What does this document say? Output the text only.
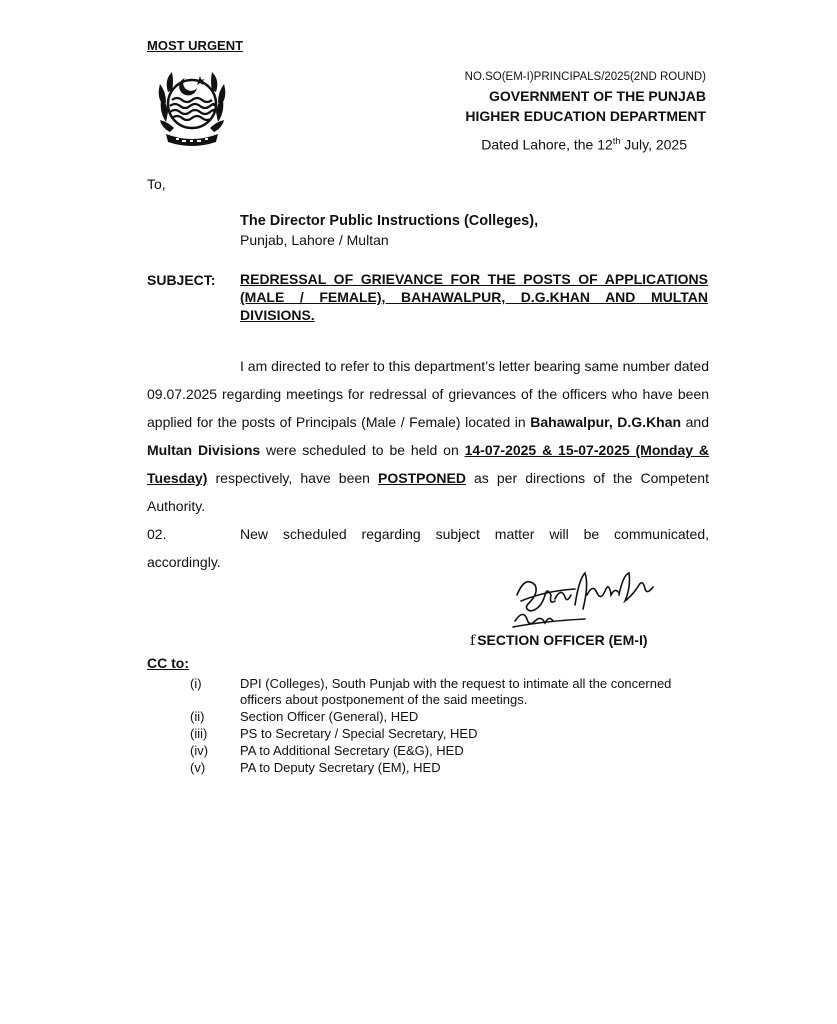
MOST URGENT
NO.SO(EM-I)PRINCIPALS/2025(2ND ROUND)
GOVERNMENT OF THE PUNJAB
HIGHER EDUCATION DEPARTMENT
Dated Lahore, the 12th July, 2025
To,
The Director Public Instructions (Colleges),
Punjab, Lahore / Multan
SUBJECT: REDRESSAL OF GRIEVANCE FOR THE POSTS OF APPLICATIONS (MALE / FEMALE), BAHAWALPUR, D.G.KHAN AND MULTAN DIVISIONS.
I am directed to refer to this department’s letter bearing same number dated 09.07.2025 regarding meetings for redressal of grievances of the officers who have been applied for the posts of Principals (Male / Female) located in Bahawalpur, D.G.Khan and Multan Divisions were scheduled to be held on 14-07-2025 & 15-07-2025 (Monday & Tuesday) respectively, have been POSTPONED as per directions of the Competent Authority.
02.	New scheduled regarding subject matter will be communicated, accordingly.
f SECTION OFFICER (EM-I)
CC to:
(i)	DPI (Colleges), South Punjab with the request to intimate all the concerned officers about postponement of the said meetings.
(ii)	Section Officer (General), HED
(iii)	PS to Secretary / Special Secretary, HED
(iv)	PA to Additional Secretary (E&G), HED
(v)	PA to Deputy Secretary (EM), HED
